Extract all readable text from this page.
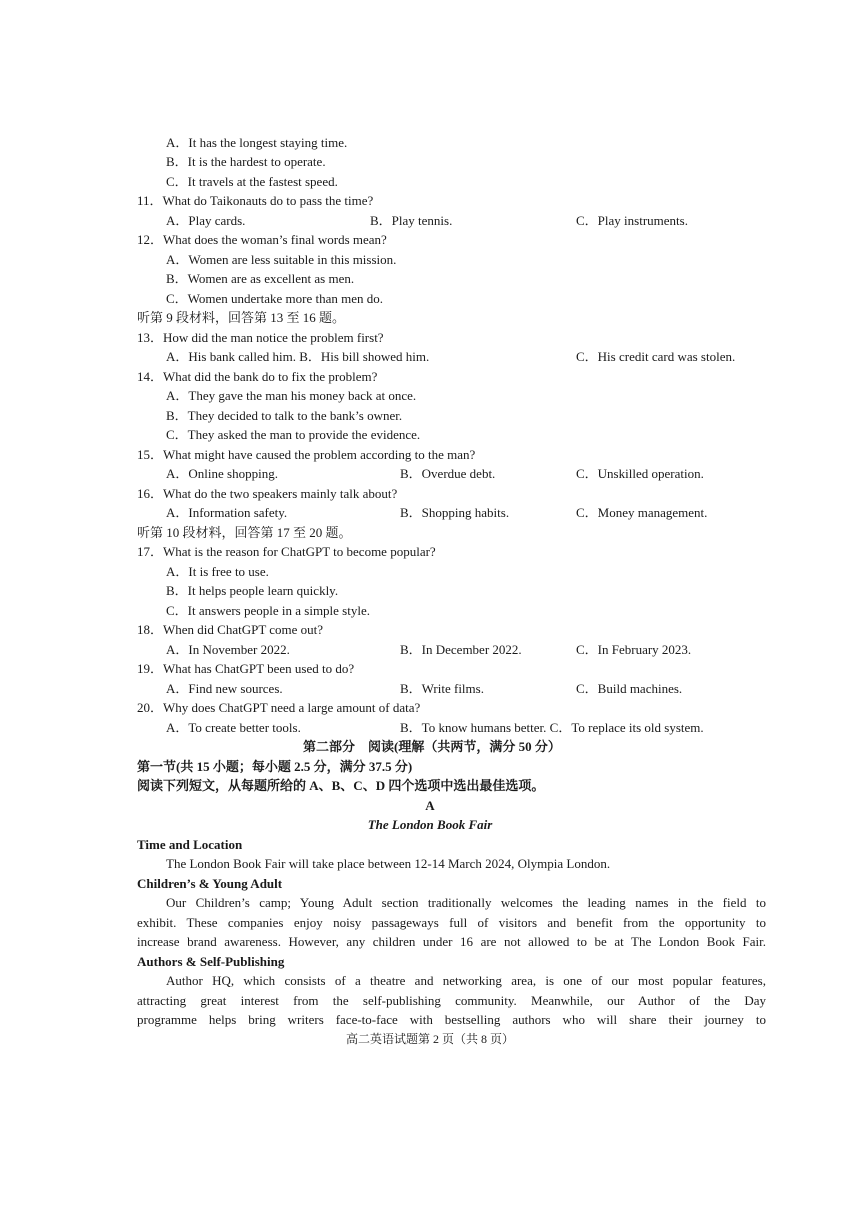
A．It has the longest staying time.
B．It is the hardest to operate.
C．It travels at the fastest speed.
11．What do Taikonauts do to pass the time?
A．Play cards.	B．Play tennis.	C．Play instruments.
12．What does the woman’s final words mean?
A．Women are less suitable in this mission.
B．Women are as excellent as men.
C．Women undertake more than men do.
听第 9 段材料，回答第 13 至 16 题。
13．How did the man notice the problem first?
A．His bank called him. B．His bill showed him.	C．His credit card was stolen.
14．What did the bank do to fix the problem?
A．They gave the man his money back at once.
B．They decided to talk to the bank’s owner.
C．They asked the man to provide the evidence.
15．What might have caused the problem according to the man?
A．Online shopping.	B．Overdue debt.	C．Unskilled operation.
16．What do the two speakers mainly talk about?
A．Information safety.	B．Shopping habits.	C．Money management.
听第 10 段材料，回答第 17 至 20 题。
17．What is the reason for ChatGPT to become popular?
A．It is free to use.
B．It helps people learn quickly.
C．It answers people in a simple style.
18．When did ChatGPT come out?
A．In November 2022.	B．In December 2022.	C．In February 2023.
19．What has ChatGPT been used to do?
A．Find new sources.	B．Write films.	C．Build machines.
20．Why does ChatGPT need a large amount of data?
A．To create better tools.	B．To know humans better. C．To replace its old system.
第二部分　阅读(理解（共两节，满分 50 分）
第一节(共 15 小题；每小题 2.5 分，满分 37.5 分)
阅读下列短文，从每题所给的 A、B、C、D 四个选项中选出最佳选项。
A
The London Book Fair
Time and Location
The London Book Fair will take place between 12-14 March 2024, Olympia London.
Children’s & Young Adult
Our Children’s camp; Young Adult section traditionally welcomes the leading names in the field to
exhibit. These companies enjoy noisy passageways full of visitors and benefit from the opportunity to
increase brand awareness. However, any children under 16 are not allowed to be at The London Book Fair.
Authors & Self-Publishing
Author HQ, which consists of a theatre and networking area, is one of our most popular features,
attracting great interest from the self-publishing community. Meanwhile, our Author of the Day
programme helps bring writers face-to-face with bestselling authors who will share their journey to
高二英语试题第 2 页（共 8 页）
